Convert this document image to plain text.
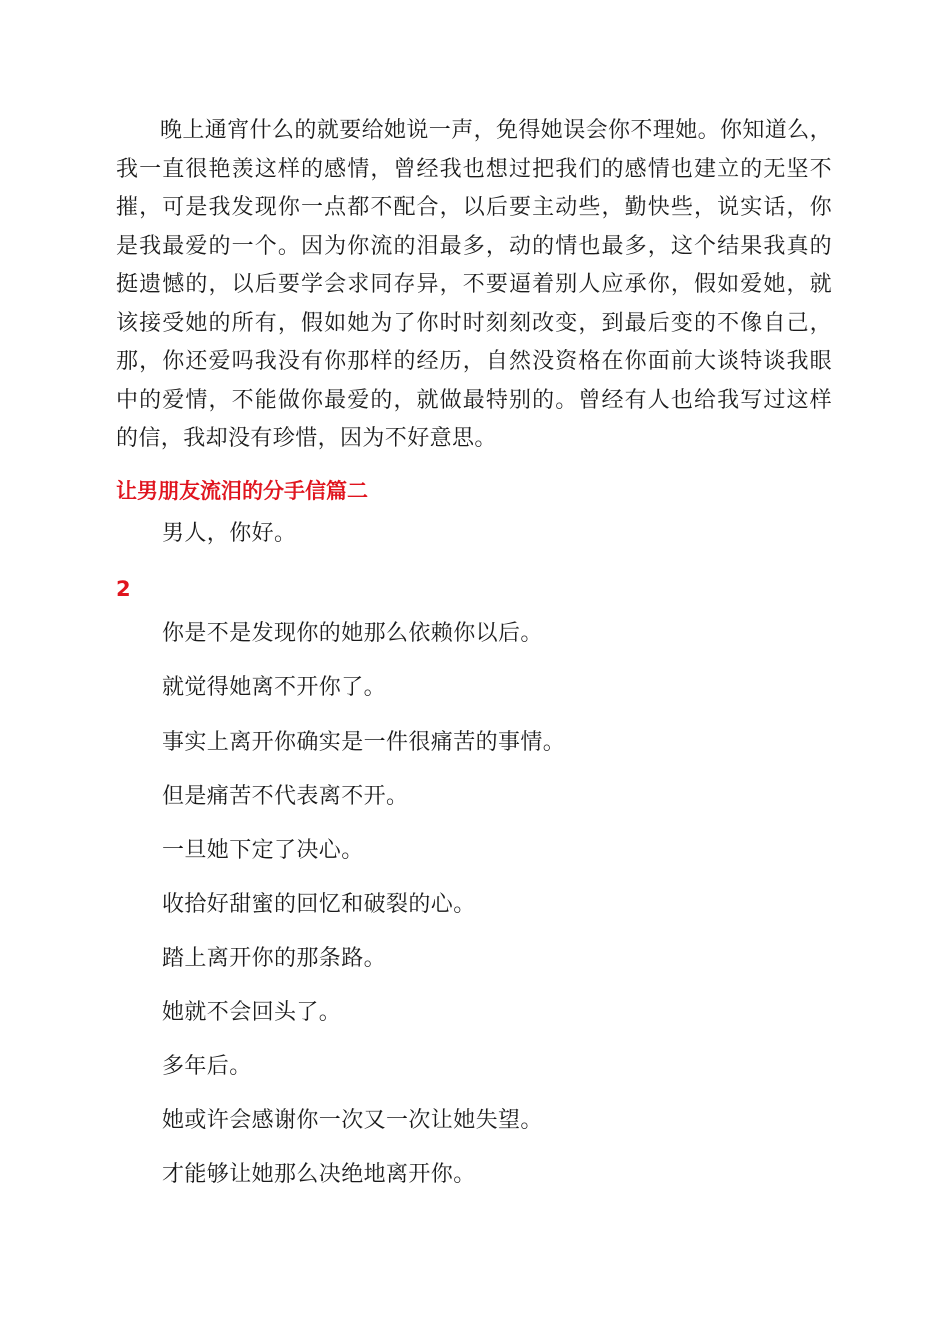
晚上通宵什么的就要给她说一声，免得她误会你不理她。你知道么，我一直很艳羡这样的感情，曾经我也想过把我们的感情也建立的无坚不摧，可是我发现你一点都不配合，以后要主动些，勤快些，说实话，你是我最爱的一个。因为你流的泪最多，动的情也最多，这个结果我真的挺遗憾的，以后要学会求同存异，不要逼着别人应承你，假如爱她，就该接受她的所有，假如她为了你时时刻刻改变，到最后变的不像自己，那，你还爱吗我没有你那样的经历，自然没资格在你面前大谈特谈我眼中的爱情，不能做你最爱的，就做最特别的。曾经有人也给我写过这样的信，我却没有珍惜，因为不好意思。

让男朋友流泪的分手信篇二

男人，你好。

2
你是不是发现你的她那么依赖你以后。
就觉得她离不开你了。
事实上离开你确实是一件很痛苦的事情。
但是痛苦不代表离不开。
一旦她下定了决心。
收拾好甜蜜的回忆和破裂的心。
踏上离开你的那条路。
她就不会回头了。
多年后。
她或许会感谢你一次又一次让她失望。
才能够让她那么决绝地离开你。
